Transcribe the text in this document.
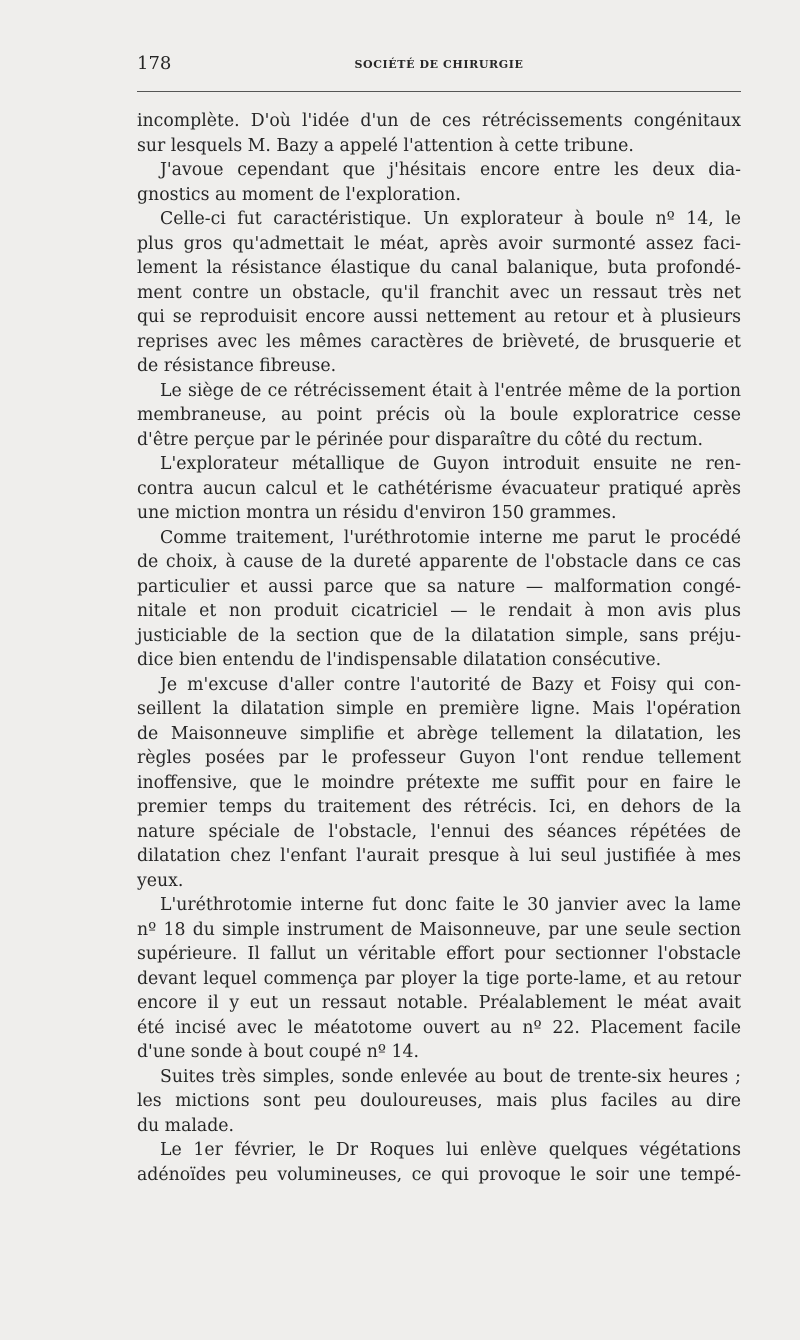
178	SOCIÉTÉ DE CHIRURGIE
incomplète. D'où l'idée d'un de ces rétrécissements congénitaux
sur lesquels M. Bazy a appelé l'attention à cette tribune.
J'avoue cependant que j'hésitais encore entre les deux dia-
gnostics au moment de l'exploration.
Celle-ci fut caractéristique. Un explorateur à boule nº 14, le
plus gros qu'admettait le méat, après avoir surmonté assez faci-
lement la résistance élastique du canal balanique, buta profondé-
ment contre un obstacle, qu'il franchit avec un ressaut très net
qui se reproduisit encore aussi nettement au retour et à plusieurs
reprises avec les mêmes caractères de brièveté, de brusquerie et
de résistance fibreuse.
Le siège de ce rétrécissement était à l'entrée même de la portion
membraneuse, au point précis où la boule exploratrice cesse
d'être perçue par le périnée pour disparaître du côté du rectum.
L'explorateur métallique de Guyon introduit ensuite ne ren-
contra aucun calcul et le cathétérisme évacuateur pratiqué après
une miction montra un résidu d'environ 150 grammes.
Comme traitement, l'uréthrotomie interne me parut le procédé
de choix, à cause de la dureté apparente de l'obstacle dans ce cas
particulier et aussi parce que sa nature — malformation congé-
nitale et non produit cicatriciel — le rendait à mon avis plus
justiciable de la section que de la dilatation simple, sans préju-
dice bien entendu de l'indispensable dilatation consécutive.
Je m'excuse d'aller contre l'autorité de Bazy et Foisy qui con-
seillent la dilatation simple en première ligne. Mais l'opération
de Maisonneuve simplifie et abrège tellement la dilatation, les
règles posées par le professeur Guyon l'ont rendue tellement
inoffensive, que le moindre prétexte me suffit pour en faire le
premier temps du traitement des rétrécis. Ici, en dehors de la
nature spéciale de l'obstacle, l'ennui des séances répétées de
dilatation chez l'enfant l'aurait presque à lui seul justifiée à mes
yeux.
L'uréthrotomie interne fut donc faite le 30 janvier avec la lame
nº 18 du simple instrument de Maisonneuve, par une seule section
supérieure. Il fallut un véritable effort pour sectionner l'obstacle
devant lequel commença par ployer la tige porte-lame, et au retour
encore il y eut un ressaut notable. Préalablement le méat avait
été incisé avec le méatotome ouvert au nº 22. Placement facile
d'une sonde à bout coupé nº 14.
Suites très simples, sonde enlevée au bout de trente-six heures ;
les mictions sont peu douloureuses, mais plus faciles au dire
du malade.
Le 1er février, le Dr Roques lui enlève quelques végétations
adénoïdes peu volumineuses, ce qui provoque le soir une tempé-
